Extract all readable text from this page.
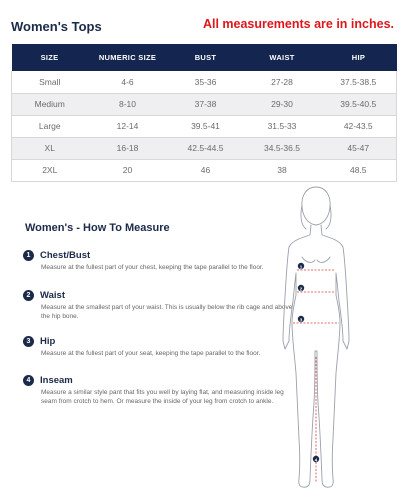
Women's Tops	All measurements are in inches.
SIZE	NUMERIC SIZE	BUST	WAIST	HIP
Small	4-6	35-36	27-28	37.5-38.5
Medium	8-10	37-38	29-30	39.5-40.5
Large	12-14	39.5-41	31.5-33	42-43.5
XL	16-18	42.5-44.5	34.5-36.5	45-47
2XL	20	46	38	48.5
Women's - How To Measure
1	Chest/Bust
Measure at the fullest part of your chest, keeping the tape parallel to the floor.
2	Waist
Measure at the smallest part of your waist. This is usually below the rib cage and above the hip bone.
3	Hip
Measure at the fullest part of your seat, keeping the tape parallel to the floor.
4	Inseam
Measure a similar style pant that fits you well by laying flat, and measuring inside leg seam from crotch to hem. Or measure the inside of your leg from crotch to ankle.
1
2
3
4
